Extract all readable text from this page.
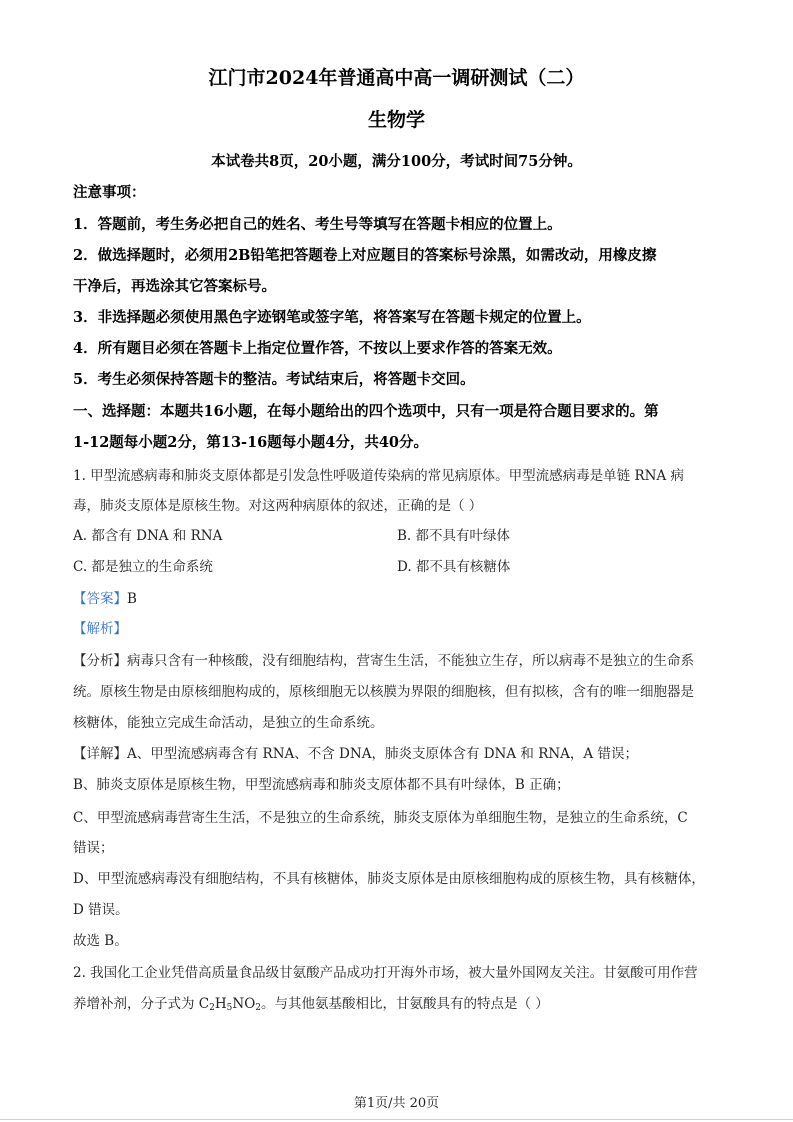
江门市2024年普通高中高一调研测试（二）
生物学
本试卷共8页，20小题，满分100分，考试时间75分钟。
注意事项：
1．答题前，考生务必把自己的姓名、考生号等填写在答题卡相应的位置上。
2．做选择题时，必须用2B铅笔把答题卷上对应题目的答案标号涂黑，如需改动，用橡皮擦
干净后，再选涂其它答案标号。
3．非选择题必须使用黑色字迹钢笔或签字笔，将答案写在答题卡规定的位置上。
4．所有题目必须在答题卡上指定位置作答，不按以上要求作答的答案无效。
5．考生必须保持答题卡的整洁。考试结束后，将答题卡交回。
一、选择题：本题共16小题，在每小题给出的四个选项中，只有一项是符合题目要求的。第
1-12题每小题2分，第13-16题每小题4分，共40分。
1. 甲型流感病毒和肺炎支原体都是引发急性呼吸道传染病的常见病原体。甲型流感病毒是单链 RNA 病
毒，肺炎支原体是原核生物。对这两种病原体的叙述，正确的是（ ）
A. 都含有 DNA 和 RNA	B. 都不具有叶绿体
C. 都是独立的生命系统	D. 都不具有核糖体
【答案】B
【解析】
【分析】病毒只含有一种核酸，没有细胞结构，营寄生生活，不能独立生存，所以病毒不是独立的生命系
统。原核生物是由原核细胞构成的，原核细胞无以核膜为界限的细胞核，但有拟核，含有的唯一细胞器是
核糖体，能独立完成生命活动，是独立的生命系统。
【详解】A、甲型流感病毒含有 RNA、不含 DNA，肺炎支原体含有 DNA 和 RNA，A 错误；
B、肺炎支原体是原核生物，甲型流感病毒和肺炎支原体都不具有叶绿体，B 正确；
C、甲型流感病毒营寄生生活，不是独立的生命系统，肺炎支原体为单细胞生物，是独立的生命系统，C
错误；
D、甲型流感病毒没有细胞结构，不具有核糖体，肺炎支原体是由原核细胞构成的原核生物，具有核糖体，
D 错误。
故选 B。
2. 我国化工企业凭借高质量食品级甘氨酸产品成功打开海外市场，被大量外国网友关注。甘氨酸可用作营
养增补剂，分子式为 $C_2H_5NO_2$。与其他氨基酸相比，甘氨酸具有的特点是（ ）
第1页/共 20页
